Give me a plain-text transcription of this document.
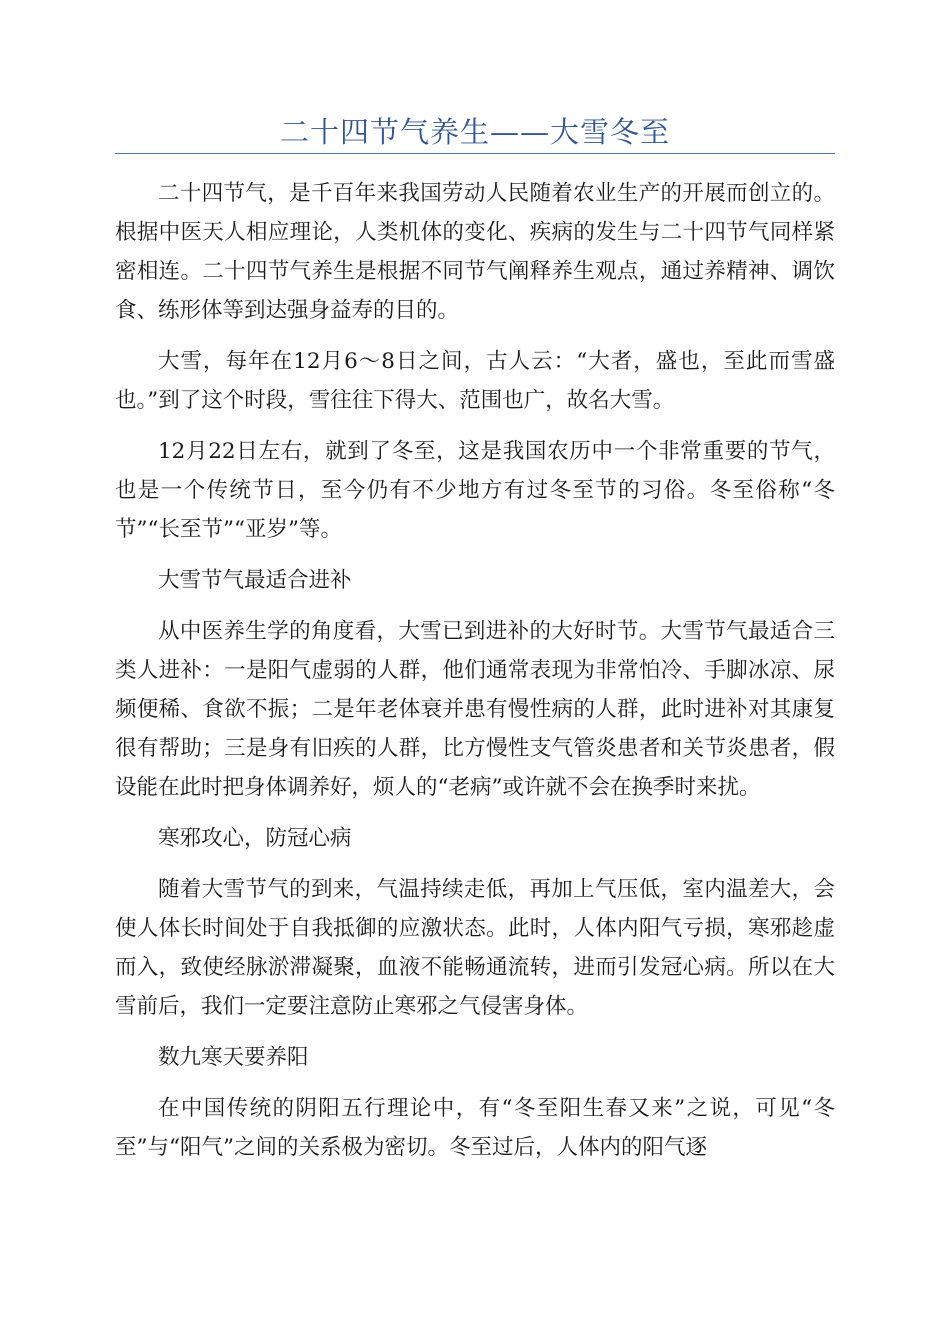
二十四节气养生——大雪冬至

二十四节气，是千百年来我国劳动人民随着农业生产的开展而创立的。根据中医天人相应理论，人类机体的变化、疾病的发生与二十四节气同样紧密相连。二十四节气养生是根据不同节气阐释养生观点，通过养精神、调饮食、练形体等到达强身益寿的目的。

大雪，每年在12月6～8日之间，古人云：“大者，盛也，至此而雪盛也。”到了这个时段，雪往往下得大、范围也广，故名大雪。

12月22日左右，就到了冬至，这是我国农历中一个非常重要的节气，也是一个传统节日，至今仍有不少地方有过冬至节的习俗。冬至俗称“冬节”“长至节”“亚岁”等。

大雪节气最适合进补

从中医养生学的角度看，大雪已到进补的大好时节。大雪节气最适合三类人进补：一是阳气虚弱的人群，他们通常表现为非常怕冷、手脚冰凉、尿频便稀、食欲不振；二是年老体衰并患有慢性病的人群，此时进补对其康复很有帮助；三是身有旧疾的人群，比方慢性支气管炎患者和关节炎患者，假设能在此时把身体调养好，烦人的“老病”或许就不会在换季时来扰。

寒邪攻心，防冠心病

随着大雪节气的到来，气温持续走低，再加上气压低，室内温差大，会使人体长时间处于自我抵御的应激状态。此时，人体内阳气亏损，寒邪趁虚而入，致使经脉淤滞凝聚，血液不能畅通流转，进而引发冠心病。所以在大雪前后，我们一定要注意防止寒邪之气侵害身体。

数九寒天要养阳

在中国传统的阴阳五行理论中，有“冬至阳生春又来”之说，可见“冬至”与“阳气”之间的关系极为密切。冬至过后，人体内的阳气逐
